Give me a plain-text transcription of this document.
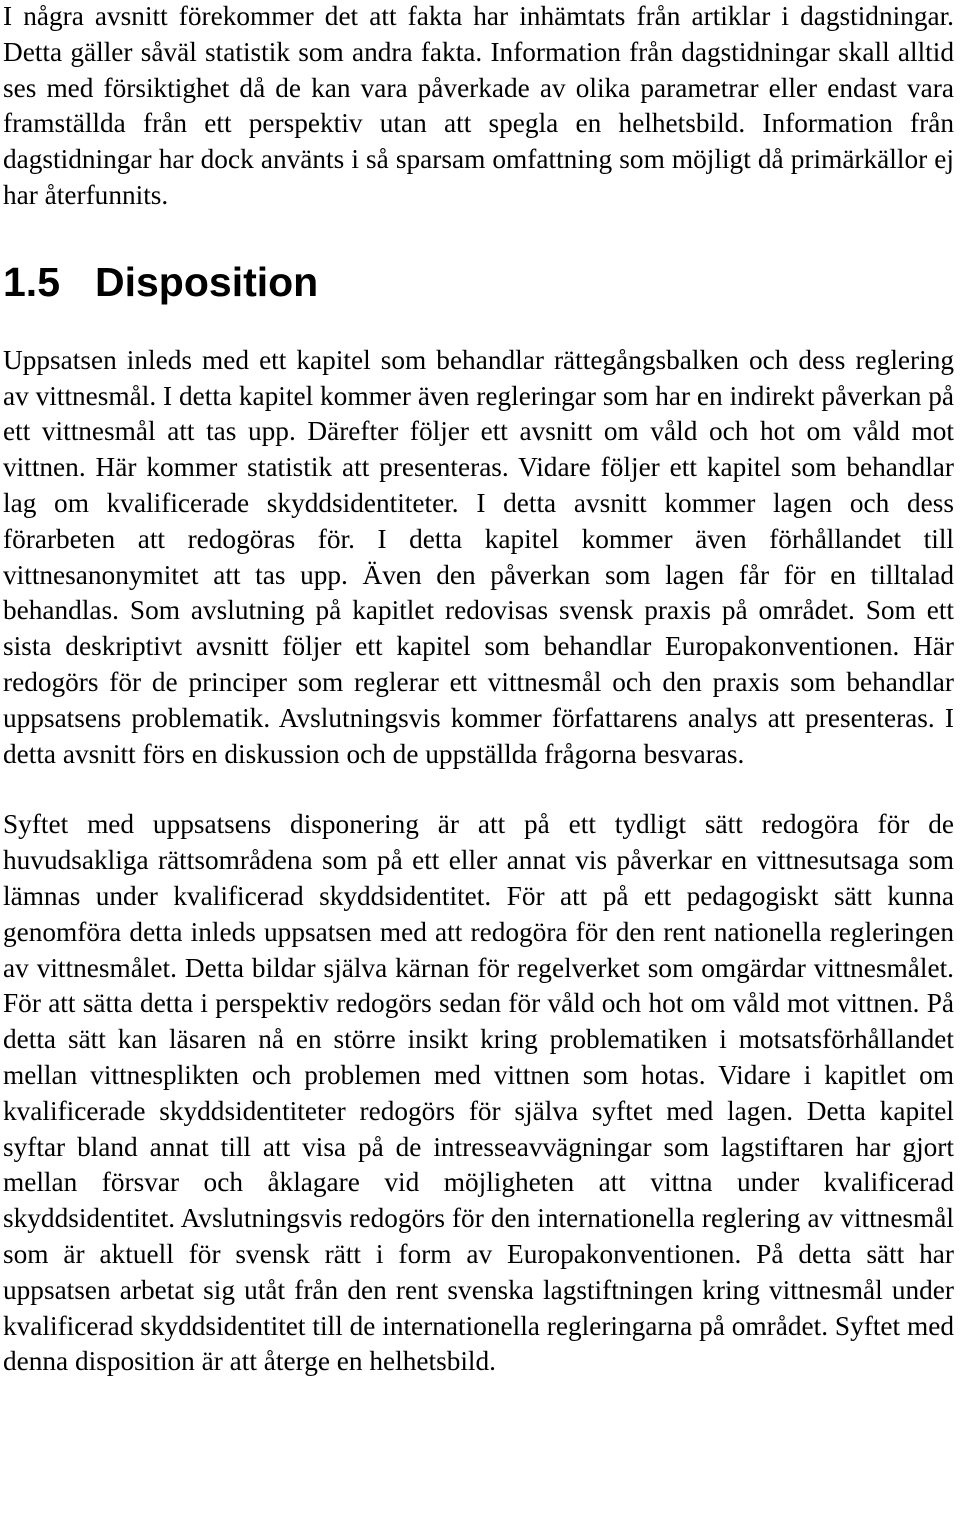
I några avsnitt förekommer det att fakta har inhämtats från artiklar i dagstidningar. Detta gäller såväl statistik som andra fakta. Information från dagstidningar skall alltid ses med försiktighet då de kan vara påverkade av olika parametrar eller endast vara framställda från ett perspektiv utan att spegla en helhetsbild. Information från dagstidningar har dock använts i så sparsam omfattning som möjligt då primärkällor ej har återfunnits.

1.5 Disposition

Uppsatsen inleds med ett kapitel som behandlar rättegångsbalken och dess reglering av vittnesmål. I detta kapitel kommer även regleringar som har en indirekt påverkan på ett vittnesmål att tas upp. Därefter följer ett avsnitt om våld och hot om våld mot vittnen. Här kommer statistik att presenteras. Vidare följer ett kapitel som behandlar lag om kvalificerade skyddsidentiteter. I detta avsnitt kommer lagen och dess förarbeten att redogöras för. I detta kapitel kommer även förhållandet till vittnesanonymitet att tas upp. Även den påverkan som lagen får för en tilltalad behandlas. Som avslutning på kapitlet redovisas svensk praxis på området. Som ett sista deskriptivt avsnitt följer ett kapitel som behandlar Europakonventionen. Här redogörs för de principer som reglerar ett vittnesmål och den praxis som behandlar uppsatsens problematik. Avslutningsvis kommer författarens analys att presenteras. I detta avsnitt förs en diskussion och de uppställda frågorna besvaras.

Syftet med uppsatsens disponering är att på ett tydligt sätt redogöra för de huvudsakliga rättsområdena som på ett eller annat vis påverkar en vittnesutsaga som lämnas under kvalificerad skyddsidentitet. För att på ett pedagogiskt sätt kunna genomföra detta inleds uppsatsen med att redogöra för den rent nationella regleringen av vittnesmålet. Detta bildar själva kärnan för regelverket som omgärdar vittnesmålet. För att sätta detta i perspektiv redogörs sedan för våld och hot om våld mot vittnen. På detta sätt kan läsaren nå en större insikt kring problematiken i motsatsförhållandet mellan vittnesplikten och problemen med vittnen som hotas. Vidare i kapitlet om kvalificerade skyddsidentiteter redogörs för själva syftet med lagen. Detta kapitel syftar bland annat till att visa på de intresseavvägningar som lagstiftaren har gjort mellan försvar och åklagare vid möjligheten att vittna under kvalificerad skyddsidentitet. Avslutningsvis redogörs för den internationella reglering av vittnesmål som är aktuell för svensk rätt i form av Europakonventionen. På detta sätt har uppsatsen arbetat sig utåt från den rent svenska lagstiftningen kring vittnesmål under kvalificerad skyddsidentitet till de internationella regleringarna på området. Syftet med denna disposition är att återge en helhetsbild.
